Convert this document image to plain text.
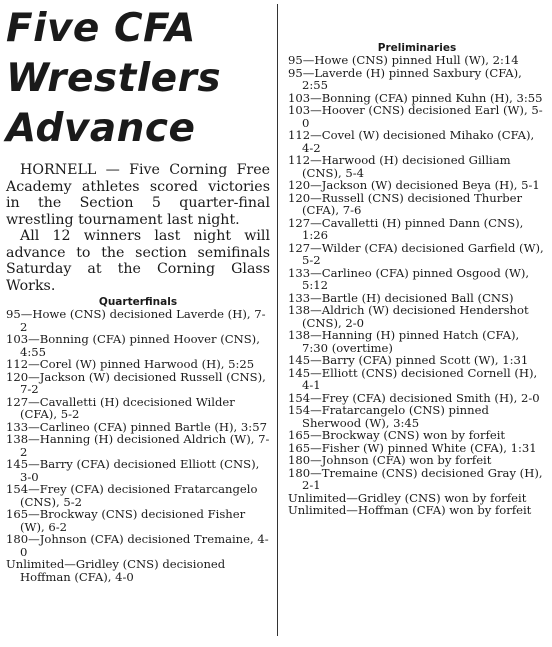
Five CFA
Wrestlers
Advance

HORNELL — Five Corning Free Academy athletes scored victories in the Section 5 quarter-final wrestling tournament last night.

All 12 winners last night will advance to the section semifinals Saturday at the Corning Glass Works.

Quarterfinals
95—Howe (CNS) decisioned Laverde (H), 7-2
103—Bonning (CFA) pinned Hoover (CNS), 4:55
112—Corel (W) pinned Harwood (H), 5:25
120—Jackson (W) decisioned Russell (CNS), 7-2
127—Cavalletti (H) dcecisioned Wilder (CFA), 5-2
133—Carlineo (CFA) pinned Bartle (H), 3:57
138—Hanning (H) decisioned Aldrich (W), 7-2
145—Barry (CFA) decisioned Elliott (CNS), 3-0
154—Frey (CFA) decisioned Fratarcangelo (CNS), 5-2
165—Brockway (CNS) decisioned Fisher (W), 6-2
180—Johnson (CFA) decisioned Tremaine, 4-0
Unlimited—Gridley (CNS) decisioned Hoffman (CFA), 4-0
Preliminaries
95—Howe (CNS) pinned Hull (W), 2:14
95—Laverde (H) pinned Saxbury (CFA), 2:55
103—Bonning (CFA) pinned Kuhn (H), 3:55
103—Hoover (CNS) decisioned Earl (W), 5-0
112—Covel (W) decisioned Mihako (CFA), 4-2
112—Harwood (H) decisioned Gilliam (CNS), 5-4
120—Jackson (W) decisioned Beya (H), 5-1
120—Russell (CNS) decisioned Thurber (CFA), 7-6
127—Cavalletti (H) pinned Dann (CNS), 1:26
127—Wilder (CFA) decisioned Garfield (W), 5-2
133—Carlineo (CFA) pinned Osgood (W), 5:12
133—Bartle (H) decisioned Ball (CNS)
138—Aldrich (W) decisioned Hendershot (CNS), 2-0
138—Hanning (H) pinned Hatch (CFA), 7:30 (overtime)
145—Barry (CFA) pinned Scott (W), 1:31
145—Elliott (CNS) decisioned Cornell (H), 4-1
154—Frey (CFA) decisioned Smith (H), 2-0
154—Fratarcangelo (CNS) pinned Sherwood (W), 3:45
165—Brockway (CNS) won by forfeit
165—Fisher (W) pinned White (CFA), 1:31
180—Johnson (CFA) won by forfeit
180—Tremaine (CNS) decisioned Gray (H), 2-1
Unlimited—Gridley (CNS) won by forfeit
Unlimited—Hoffman (CFA) won by forfeit
